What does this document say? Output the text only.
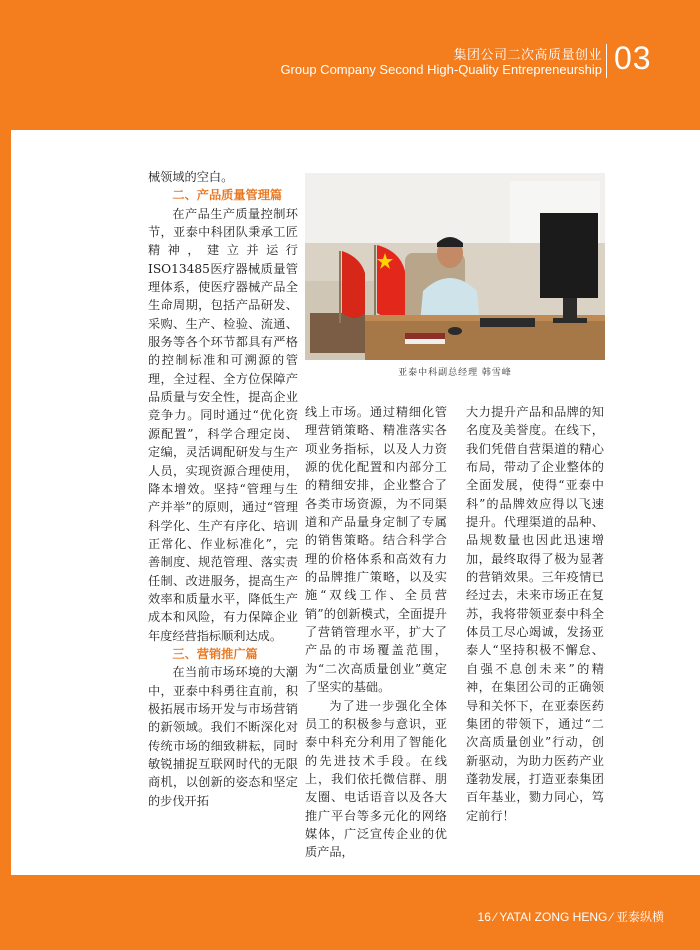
集团公司二次高质量创业
Group Company Second High-Quality Entrepreneurship 03
亚泰中科副总经理 韩雪峰

械领域的空白。

二、产品质量管理篇

在产品生产质量控制环节，亚泰中科团队秉承工匠精神，建立并运行ISO13485医疗器械质量管理体系，使医疗器械产品全生命周期，包括产品研发、采购、生产、检验、流通、服务等各个环节都具有严格的控制标准和可溯源的管理，全过程、全方位保障产品质量与安全性，提高企业竞争力。同时通过“优化资源配置”，科学合理定岗、定编，灵活调配研发与生产人员，实现资源合理使用，降本增效。坚持“管理与生产并举”的原则，通过“管理科学化、生产有序化、培训正常化、作业标准化”，完善制度、规范管理、落实责任制、改进服务，提高生产效率和质量水平，降低生产成本和风险，有力保障企业年度经营指标顺利达成。

三、营销推广篇

在当前市场环境的大潮中，亚泰中科勇往直前，积极拓展市场开发与市场营销的新领域。我们不断深化对传统市场的细致耕耘，同时敏锐捕捉互联网时代的无限商机，以创新的姿态和坚定的步伐开拓

线上市场。通过精细化管理营销策略、精准落实各项业务指标，以及人力资源的优化配置和内部分工的精细安排，企业整合了各类市场资源，为不同渠道和产品量身定制了专属的销售策略。结合科学合理的价格体系和高效有力的品牌推广策略，以及实施“双线工作、全员营销”的创新模式，全面提升了营销管理水平，扩大了产品的市场覆盖范围，为“二次高质量创业”奠定了坚实的基础。

为了进一步强化全体员工的积极参与意识，亚泰中科充分利用了智能化的先进技术手段。在线上，我们依托微信群、朋友圈、电话语音以及各大推广平台等多元化的网络媒体，广泛宣传企业的优质产品，

大力提升产品和品牌的知名度及美誉度。在线下，我们凭借自营渠道的精心布局，带动了企业整体的全面发展，使得“亚泰中科”的品牌效应得以飞速提升。代理渠道的品种、品规数量也因此迅速增加，最终取得了极为显著的营销效果。三年疫情已经过去，未来市场正在复苏，我将带领亚泰中科全体员工尽心竭诚，发扬亚泰人“坚持积极不懈怠、自强不息创未来”的精神，在集团公司的正确领导和关怀下，在亚泰医药集团的带领下，通过“二次高质量创业”行动，创新驱动，为助力医药产业蓬勃发展，打造亚泰集团百年基业，勠力同心，笃定前行！

16 ⁄ YATAI ZONG HENG ⁄ 亚泰纵横
